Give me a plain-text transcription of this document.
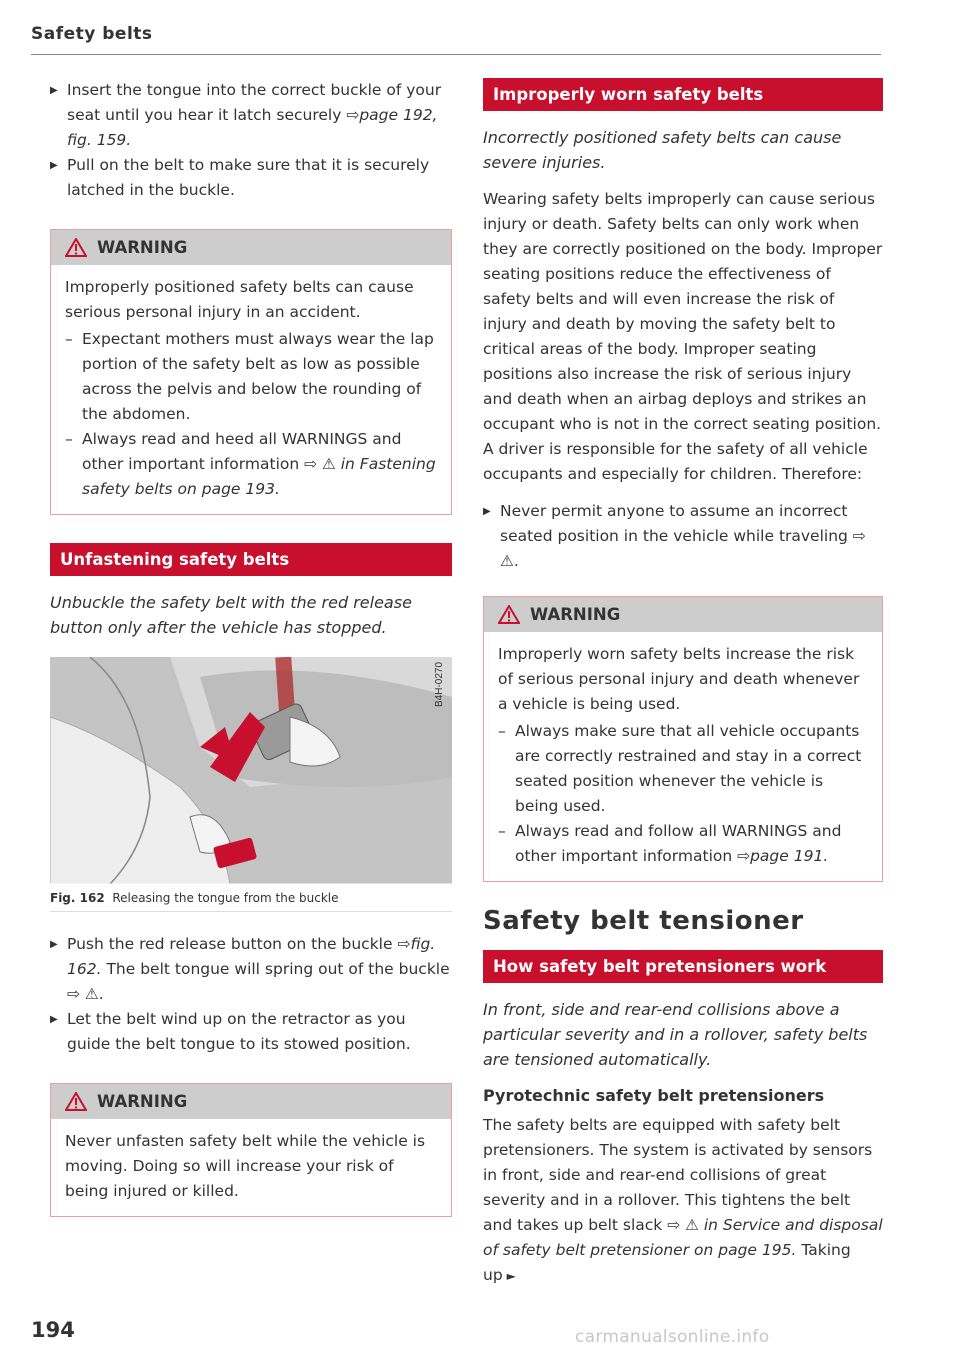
Safety belts
▶ Insert the tongue into the correct buckle of your seat until you hear it latch securely ⇨page 192, fig. 159.
▶ Pull on the belt to make sure that it is securely latched in the buckle.
WARNING

Improperly positioned safety belts can cause serious personal injury in an accident.

– Expectant mothers must always wear the lap portion of the safety belt as low as possible across the pelvis and below the rounding of the abdomen.
– Always read and heed all WARNINGS and other important information ⇨ ⚠ in Fastening safety belts on page 193.
Unfastening safety belts

Unbuckle the safety belt with the red release button only after the vehicle has stopped.

B4H-0270
Fig. 162 Releasing the tongue from the buckle
▶ Push the red release button on the buckle ⇨fig. 162. The belt tongue will spring out of the buckle ⇨ ⚠.
▶ Let the belt wind up on the retractor as you guide the belt tongue to its stowed position.
WARNING

Never unfasten safety belt while the vehicle is moving. Doing so will increase your risk of being injured or killed.

Improperly worn safety belts

Incorrectly positioned safety belts can cause severe injuries.

Wearing safety belts improperly can cause serious injury or death. Safety belts can only work when they are correctly positioned on the body. Improper seating positions reduce the effectiveness of safety belts and will even increase the risk of injury and death by moving the safety belt to critical areas of the body. Improper seating positions also increase the risk of serious injury and death when an airbag deploys and strikes an occupant who is not in the correct seating position. A driver is responsible for the safety of all vehicle occupants and especially for children. Therefore:

▶ Never permit anyone to assume an incorrect seated position in the vehicle while traveling ⇨ ⚠.
WARNING

Improperly worn safety belts increase the risk of serious personal injury and death whenever a vehicle is being used.

– Always make sure that all vehicle occupants are correctly restrained and stay in a correct seated position whenever the vehicle is being used.
– Always read and follow all WARNINGS and other important information ⇨page 191.
Safety belt tensioner
How safety belt pretensioners work

In front, side and rear-end collisions above a particular severity and in a rollover, safety belts are tensioned automatically.

Pyrotechnic safety belt pretensioners

The safety belts are equipped with safety belt pretensioners. The system is activated by sensors in front, side and rear-end collisions of great severity and in a rollover. This tightens the belt and takes up belt slack ⇨ ⚠ in Service and disposal of safety belt pretensioner on page 195. Taking up ►

194	carmanualsonline.info
